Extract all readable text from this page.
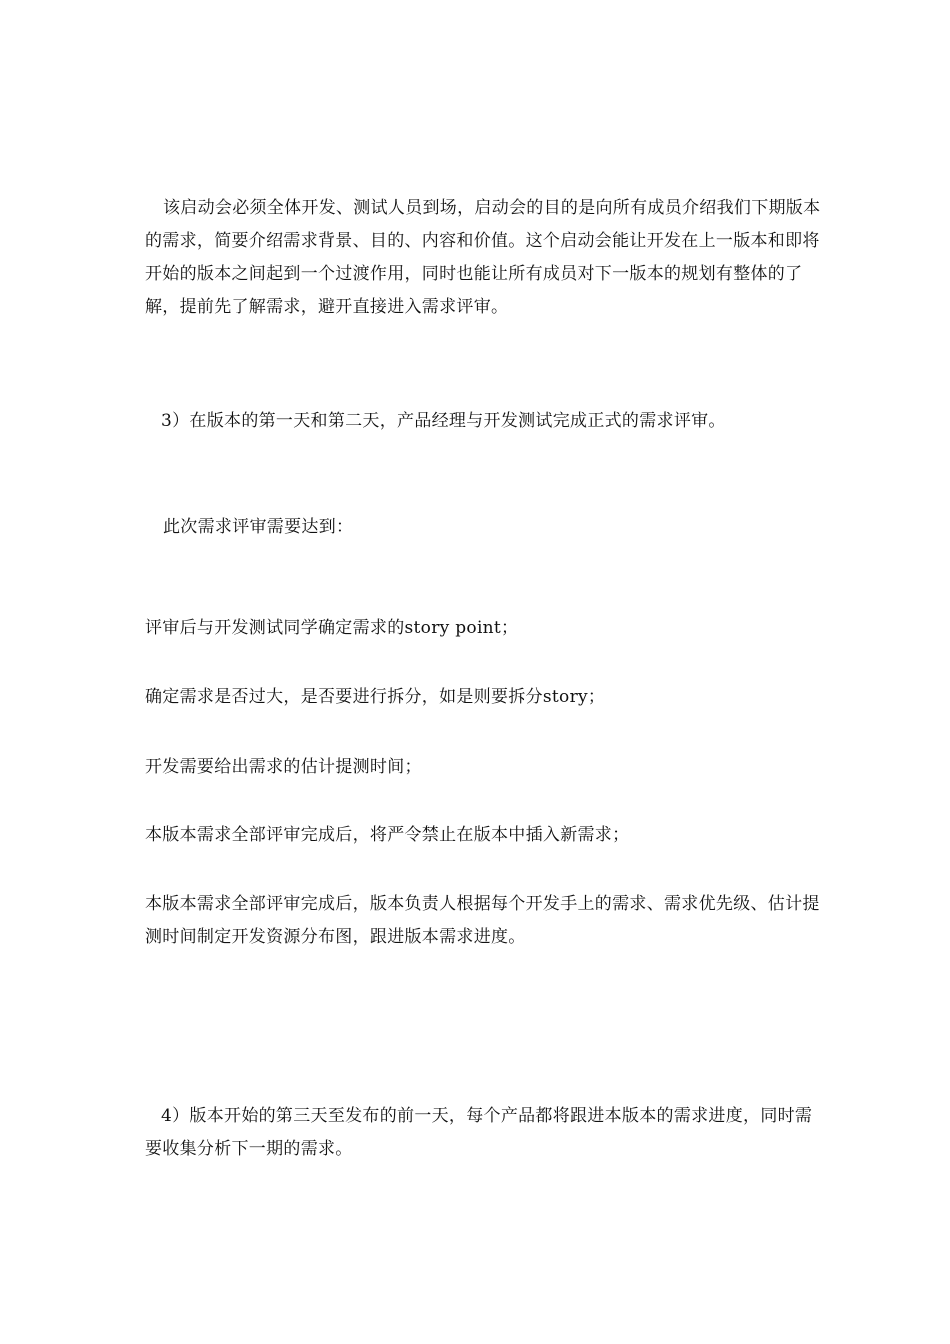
该启动会必须全体开发、测试人员到场，启动会的目的是向所有成员介绍我们下期版本的需求，简要介绍需求背景、目的、内容和价值。这个启动会能让开发在上一版本和即将开始的版本之间起到一个过渡作用，同时也能让所有成员对下一版本的规划有整体的了解，提前先了解需求，避开直接进入需求评审。

3）在版本的第一天和第二天，产品经理与开发测试完成正式的需求评审。

此次需求评审需要达到：

评审后与开发测试同学确定需求的story point；

确定需求是否过大，是否要进行拆分，如是则要拆分story；

开发需要给出需求的估计提测时间；

本版本需求全部评审完成后，将严令禁止在版本中插入新需求；

本版本需求全部评审完成后，版本负责人根据每个开发手上的需求、需求优先级、估计提测时间制定开发资源分布图，跟进版本需求进度。

4）版本开始的第三天至发布的前一天，每个产品都将跟进本版本的需求进度，同时需要收集分析下一期的需求。
